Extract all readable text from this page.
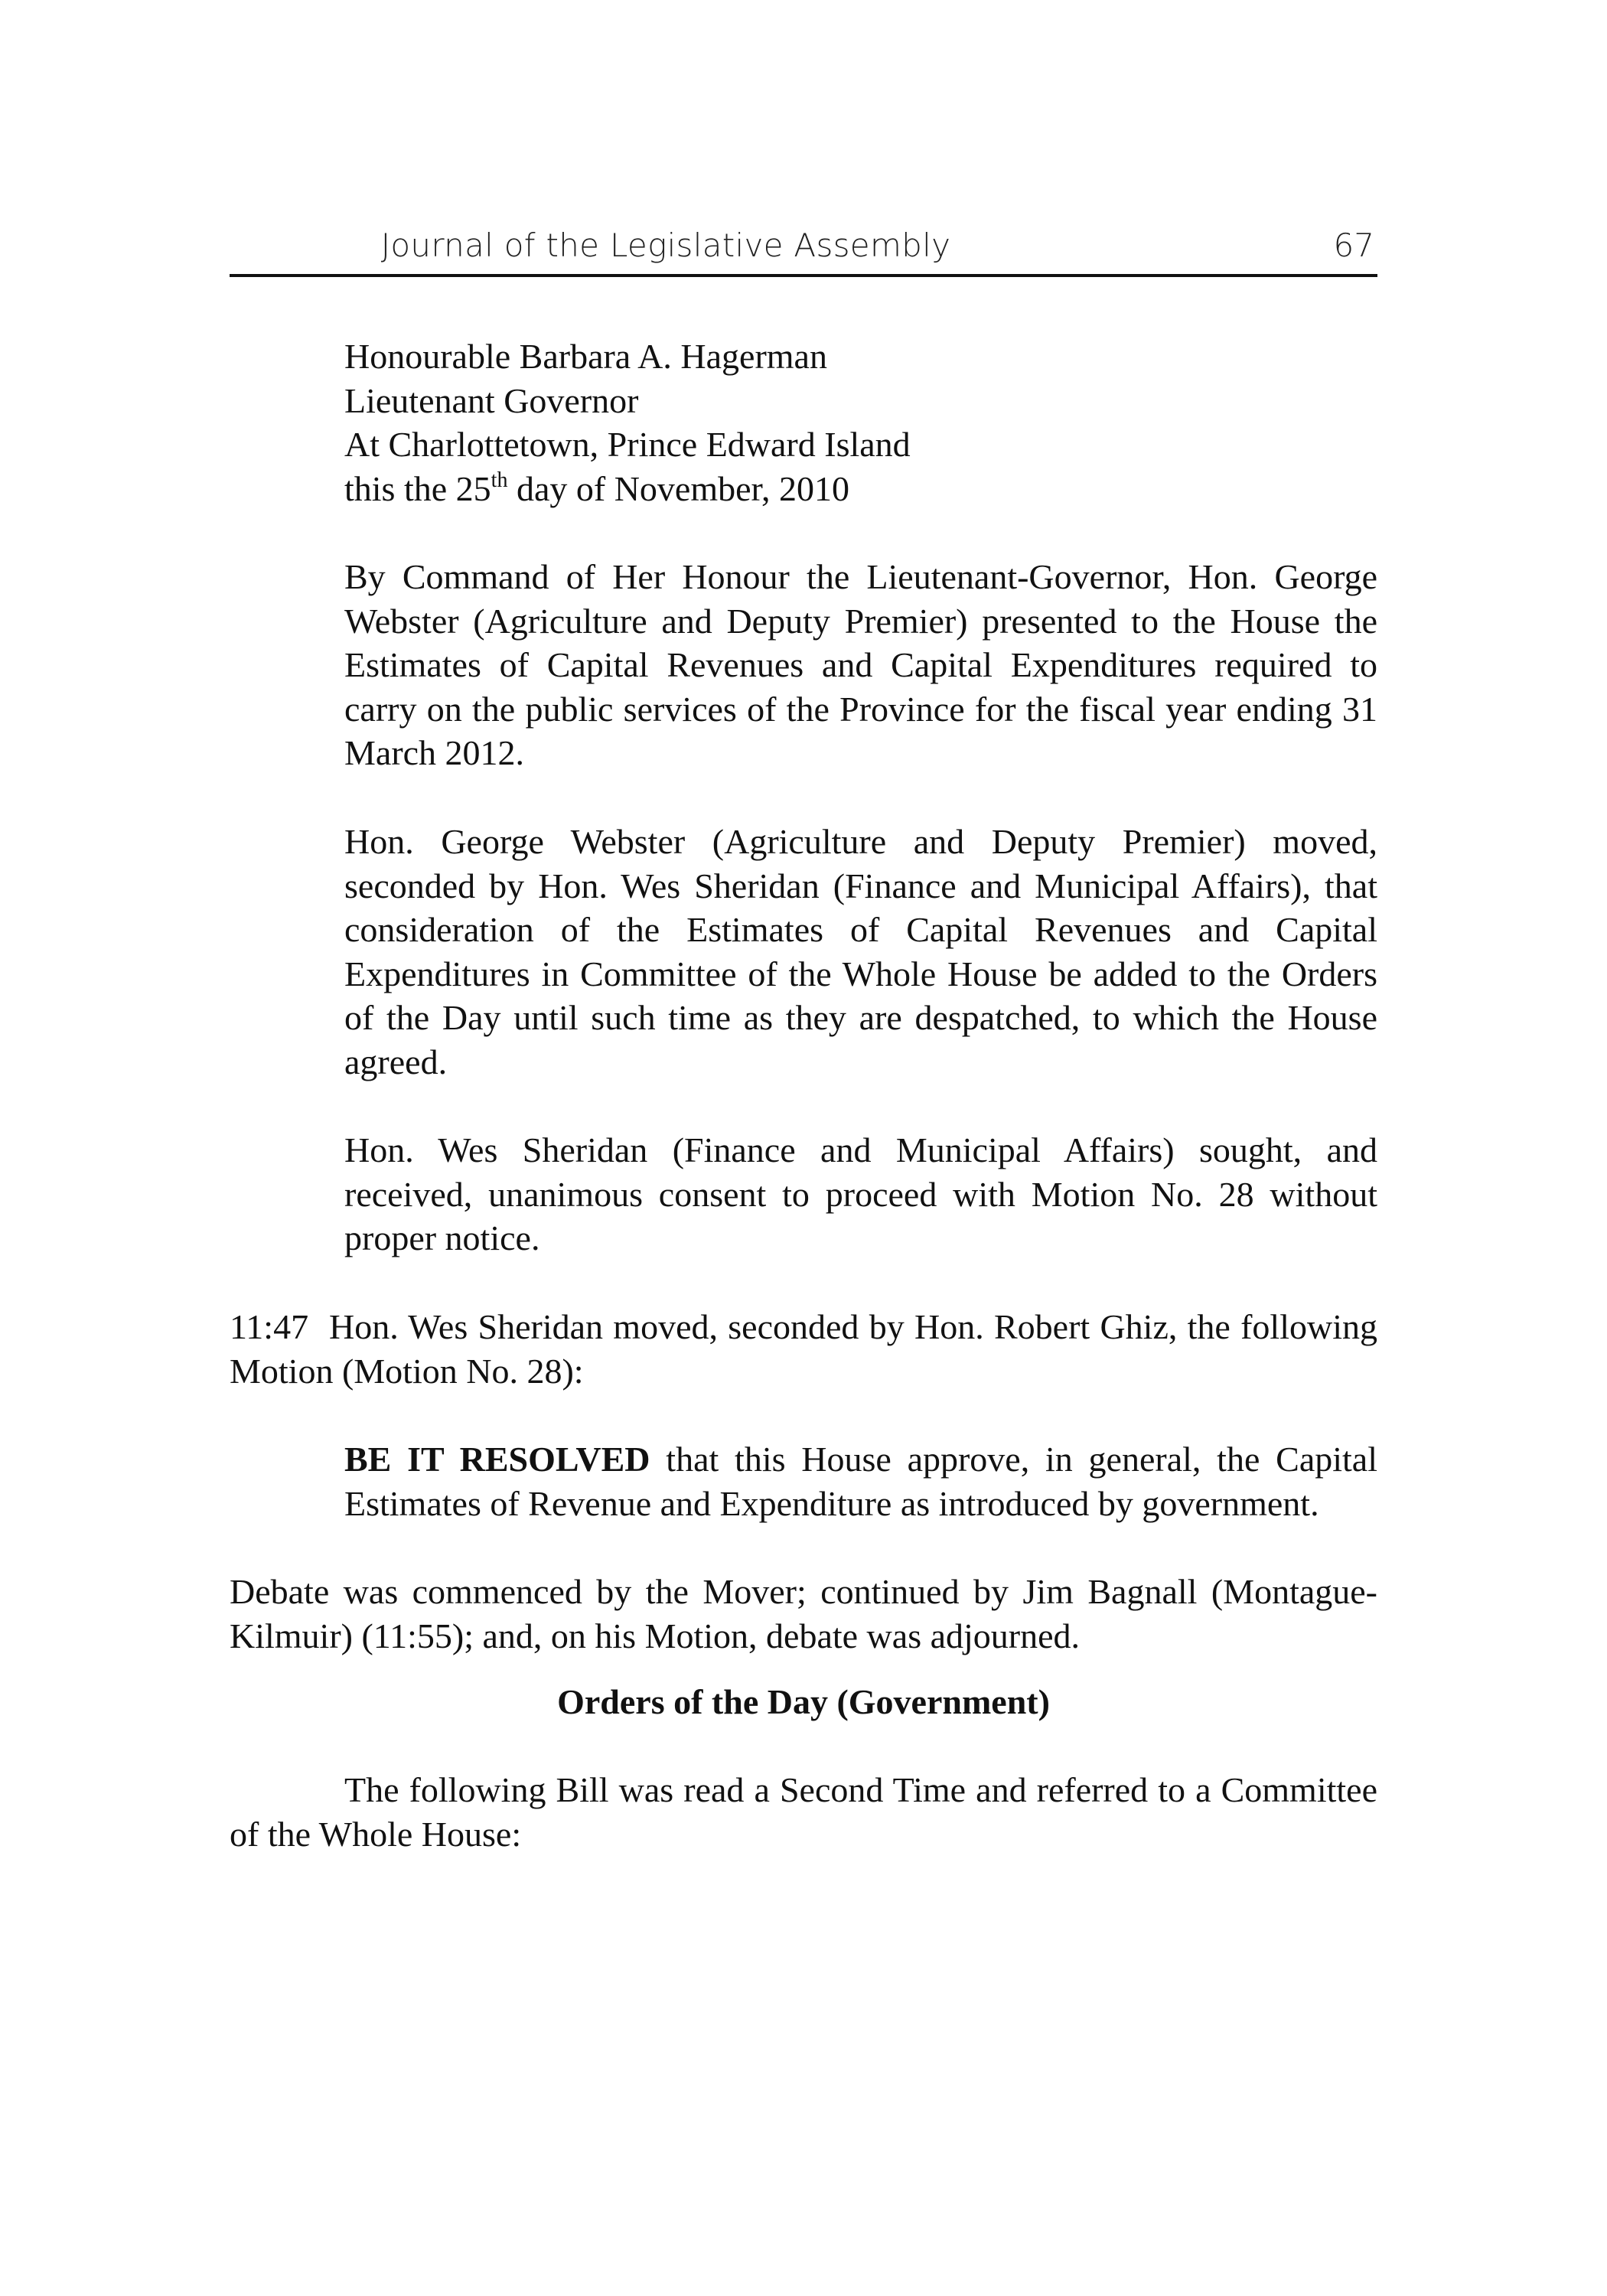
Journal of the Legislative Assembly	67
Honourable Barbara A. Hagerman
Lieutenant Governor
At Charlottetown, Prince Edward Island
this the 25th day of November, 2010
By Command of Her Honour the Lieutenant-Governor, Hon. George Webster (Agriculture and Deputy Premier) presented to the House the Estimates of Capital Revenues and Capital Expenditures required to carry on the public services of the Province for the fiscal year ending 31 March 2012.
Hon. George Webster (Agriculture and Deputy Premier) moved, seconded by Hon. Wes Sheridan (Finance and Municipal Affairs), that consideration of the Estimates of Capital Revenues and Capital Expenditures in Committee of the Whole House be added to the Orders of the Day until such time as they are despatched, to which the House agreed.
Hon. Wes Sheridan (Finance and Municipal Affairs) sought, and received, unanimous consent to proceed with Motion No. 28 without proper notice.
11:47 Hon. Wes Sheridan moved, seconded by Hon. Robert Ghiz, the following Motion (Motion No. 28):
BE IT RESOLVED that this House approve, in general, the Capital Estimates of Revenue and Expenditure as introduced by government.
Debate was commenced by the Mover; continued by Jim Bagnall (Montague-Kilmuir) (11:55); and, on his Motion, debate was adjourned.
Orders of the Day (Government)
The following Bill was read a Second Time and referred to a Committee of the Whole House:
